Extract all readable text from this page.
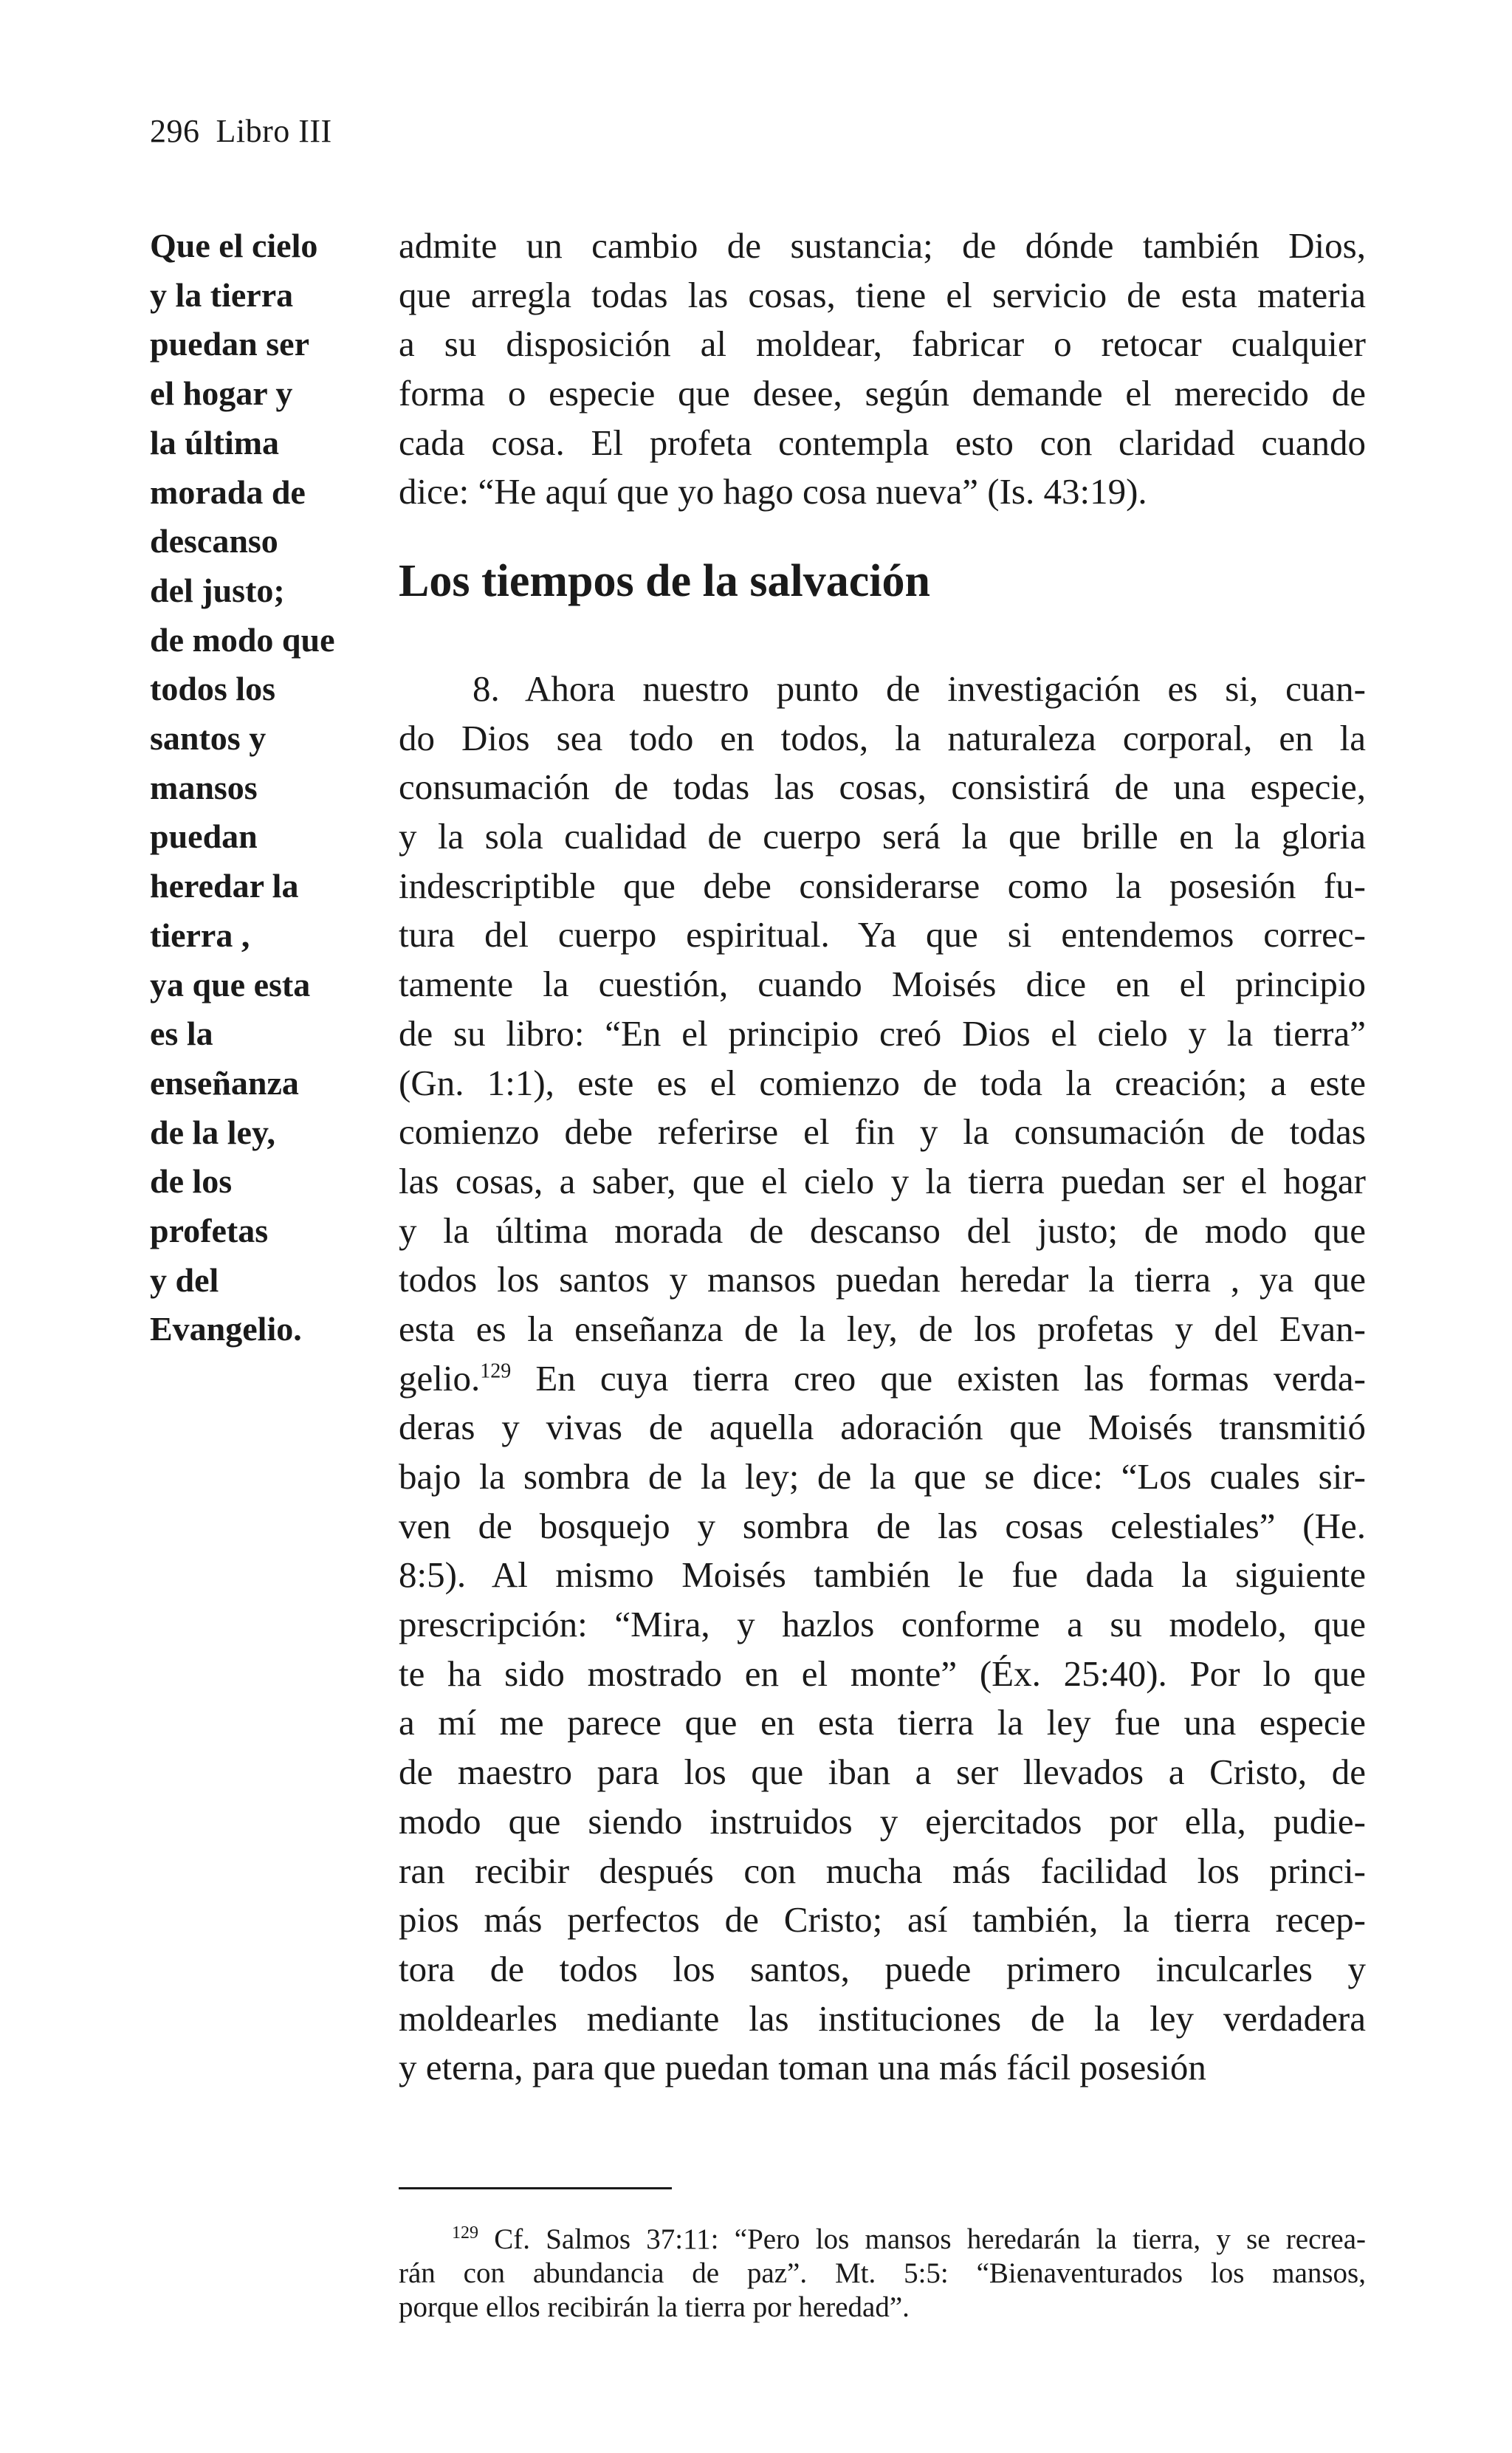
296 Libro III
Que el cielo
y la tierra
puedan ser
el hogar y
la última
morada de
descanso
del justo;
de modo que
todos los
santos y
mansos
puedan
heredar la
tierra ,
ya que esta
es la
enseñanza
de la ley,
de los
profetas
y del
Evangelio.
admite un cambio de sustancia; de dónde también Dios,
que arregla todas las cosas, tiene el servicio de esta materia
a su disposición al moldear, fabricar o retocar cualquier
forma o especie que desee, según demande el merecido de
cada cosa. El profeta contempla esto con claridad cuando
dice: “He aquí que yo hago cosa nueva” (Is. 43:19).
Los tiempos de la salvación
8. Ahora nuestro punto de investigación es si, cuan-
do Dios sea todo en todos, la naturaleza corporal, en la
consumación de todas las cosas, consistirá de una especie,
y la sola cualidad de cuerpo será la que brille en la gloria
indescriptible que debe considerarse como la posesión fu-
tura del cuerpo espiritual. Ya que si entendemos correc-
tamente la cuestión, cuando Moisés dice en el principio
de su libro: “En el principio creó Dios el cielo y la tierra”
(Gn. 1:1), este es el comienzo de toda la creación; a este
comienzo debe referirse el fin y la consumación de todas
las cosas, a saber, que el cielo y la tierra puedan ser el hogar
y la última morada de descanso del justo; de modo que
todos los santos y mansos puedan heredar la tierra , ya que
esta es la enseñanza de la ley, de los profetas y del Evan-
gelio.$^{129}$ En cuya tierra creo que existen las formas verda-
deras y vivas de aquella adoración que Moisés transmitió
bajo la sombra de la ley; de la que se dice: “Los cuales sir-
ven de bosquejo y sombra de las cosas celestiales” (He.
8:5). Al mismo Moisés también le fue dada la siguiente
prescripción: “Mira, y hazlos conforme a su modelo, que
te ha sido mostrado en el monte” (Éx. 25:40). Por lo que
a mí me parece que en esta tierra la ley fue una especie
de maestro para los que iban a ser llevados a Cristo, de
modo que siendo instruidos y ejercitados por ella, pudie-
ran recibir después con mucha más facilidad los princi-
pios más perfectos de Cristo; así también, la tierra recep-
tora de todos los santos, puede primero inculcarles y
moldearles mediante las instituciones de la ley verdadera
y eterna, para que puedan toman una más fácil posesión
$^{129}$ Cf. Salmos 37:11: “Pero los mansos heredarán la tierra, y se recrea-
rán con abundancia de paz”. Mt. 5:5: “Bienaventurados los mansos,
porque ellos recibirán la tierra por heredad”.
